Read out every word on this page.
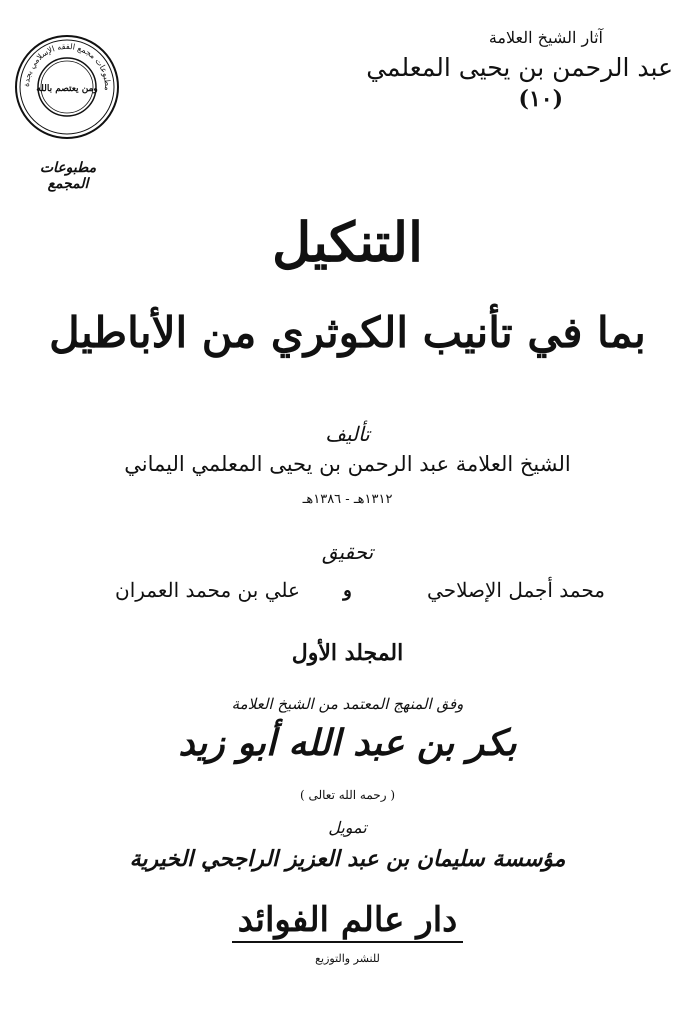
آثار الشيخ العلامة
عبد الرحمن بن يحيى المعلمي
(١٠)
مطبوعات مجمع الفقه الإسلامي بجدة
ومن يعتصم بالله
مطبوعات المجمع
التنكيل
بما في تأنيب الكوثري من الأباطيل
تأليف
الشيخ العلامة عبد الرحمن بن يحيى المعلمي اليماني
١٣١٢هـ - ١٣٨٦هـ
تحقيق
علي بن محمد العمران	و	محمد أجمل الإصلاحي
المجلد الأول
وفق المنهج المعتمد من الشيخ العلامة
بكر بن عبد الله أبو زيد
( رحمه الله تعالى )
تمويل
مؤسسة سليمان بن عبد العزيز الراجحي الخيرية
دار عالم الفوائد
للنشر والتوزيع
